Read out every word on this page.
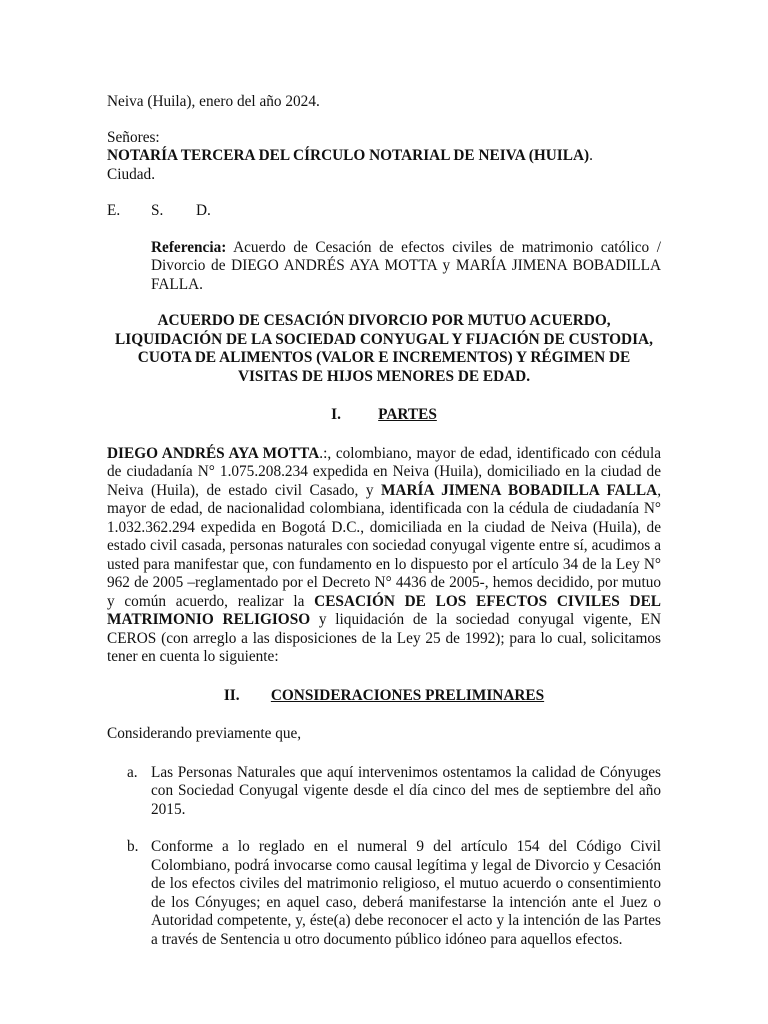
Neiva (Huila), enero del año 2024.

Señores:

NOTARÍA TERCERA DEL CÍRCULO NOTARIAL DE NEIVA (HUILA).

Ciudad.

E.	S.	D.

Referencia: Acuerdo de Cesación de efectos civiles de matrimonio católico / Divorcio de DIEGO ANDRÉS AYA MOTTA y MARÍA JIMENA BOBADILLA FALLA.

ACUERDO DE CESACIÓN DIVORCIO POR MUTUO ACUERDO, LIQUIDACIÓN DE LA SOCIEDAD CONYUGAL Y FIJACIÓN DE CUSTODIA, CUOTA DE ALIMENTOS (VALOR E INCREMENTOS) Y RÉGIMEN DE VISITAS DE HIJOS MENORES DE EDAD.

I.	PARTES

DIEGO ANDRÉS AYA MOTTA.:, colombiano, mayor de edad, identificado con cédula de ciudadanía N° 1.075.208.234 expedida en Neiva (Huila), domiciliado en la ciudad de Neiva (Huila), de estado civil Casado, y MARÍA JIMENA BOBADILLA FALLA, mayor de edad, de nacionalidad colombiana, identificada con la cédula de ciudadanía N° 1.032.362.294 expedida en Bogotá D.C., domiciliada en la ciudad de Neiva (Huila), de estado civil casada, personas naturales con sociedad conyugal vigente entre sí, acudimos a usted para manifestar que, con fundamento en lo dispuesto por el artículo 34 de la Ley N° 962 de 2005 –reglamentado por el Decreto N° 4436 de 2005-, hemos decidido, por mutuo y común acuerdo, realizar la CESACIÓN DE LOS EFECTOS CIVILES DEL MATRIMONIO RELIGIOSO y liquidación de la sociedad conyugal vigente, EN CEROS (con arreglo a las disposiciones de la Ley 25 de 1992); para lo cual, solicitamos tener en cuenta lo siguiente:

II.	CONSIDERACIONES PRELIMINARES

Considerando previamente que,

a. Las Personas Naturales que aquí intervenimos ostentamos la calidad de Cónyuges con Sociedad Conyugal vigente desde el día cinco del mes de septiembre del año 2015.
b. Conforme a lo reglado en el numeral 9 del artículo 154 del Código Civil Colombiano, podrá invocarse como causal legítima y legal de Divorcio y Cesación de los efectos civiles del matrimonio religioso, el mutuo acuerdo o consentimiento de los Cónyuges; en aquel caso, deberá manifestarse la intención ante el Juez o Autoridad competente, y, éste(a) debe reconocer el acto y la intención de las Partes a través de Sentencia u otro documento público idóneo para aquellos efectos.
